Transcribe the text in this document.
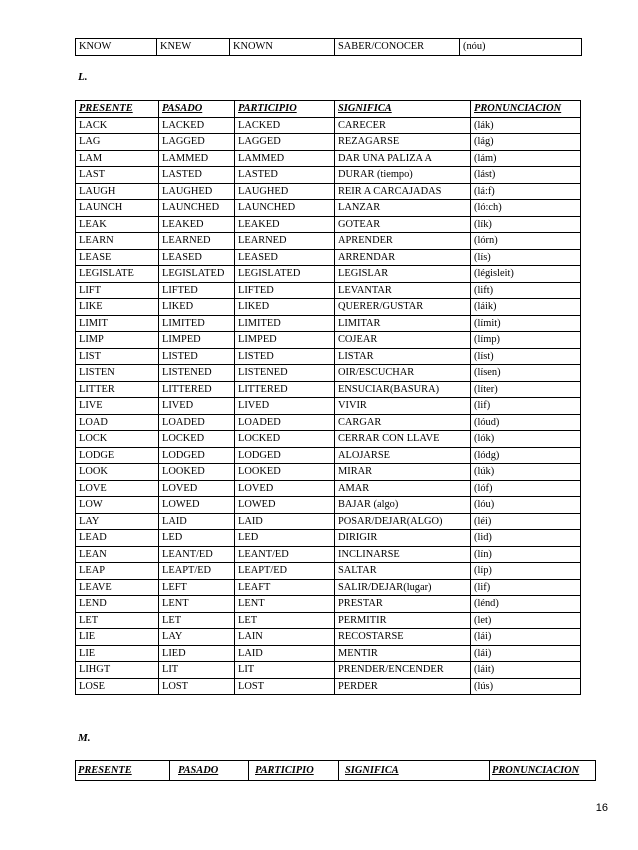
KNOW	KNEW	KNOWN	SABER/CONOCER	(nóu)
L.
PRESENTE	PASADO	PARTICIPIO	SIGNIFICA	PRONUNCIACION
LACK	LACKED	LACKED	CARECER	(lák)
LAG	LAGGED	LAGGED	REZAGARSE	(lág)
LAM	LAMMED	LAMMED	DAR UNA PALIZA A	(lám)
LAST	LASTED	LASTED	DURAR (tiempo)	(lást)
LAUGH	LAUGHED	LAUGHED	REIR A CARCAJADAS	(lá:f)
LAUNCH	LAUNCHED	LAUNCHED	LANZAR	(ló:ch)
LEAK	LEAKED	LEAKED	GOTEAR	(lík)
LEARN	LEARNED	LEARNED	APRENDER	(lórn)
LEASE	LEASED	LEASED	ARRENDAR	(lís)
LEGISLATE	LEGISLATED	LEGISLATED	LEGISLAR	(législeit)
LIFT	LIFTED	LIFTED	LEVANTAR	(lift)
LIKE	LIKED	LIKED	QUERER/GUSTAR	(láik)
LIMIT	LIMITED	LIMITED	LIMITAR	(límit)
LIMP	LIMPED	LIMPED	COJEAR	(límp)
LIST	LISTED	LISTED	LISTAR	(líst)
LISTEN	LISTENED	LISTENED	OIR/ESCUCHAR	(lísen)
LITTER	LITTERED	LITTERED	ENSUCIAR(BASURA)	(líter)
LIVE	LIVED	LIVED	VIVIR	(lif)
LOAD	LOADED	LOADED	CARGAR	(lóud)
LOCK	LOCKED	LOCKED	CERRAR CON LLAVE	(lók)
LODGE	LODGED	LODGED	ALOJARSE	(lódg)
LOOK	LOOKED	LOOKED	MIRAR	(lúk)
LOVE	LOVED	LOVED	AMAR	(lóf)
LOW	LOWED	LOWED	BAJAR (algo)	(lóu)
LAY	LAID	LAID	POSAR/DEJAR(ALGO)	(léi)
LEAD	LED	LED	DIRIGIR	(lid)
LEAN	LEANT/ED	LEANT/ED	INCLINARSE	(lín)
LEAP	LEAPT/ED	LEAPT/ED	SALTAR	(líp)
LEAVE	LEFT	LEAFT	SALIR/DEJAR(lugar)	(lif)
LEND	LENT	LENT	PRESTAR	(lénd)
LET	LET	LET	PERMITIR	(let)
LIE	LAY	LAIN	RECOSTARSE	(lái)
LIE	LIED	LAID	MENTIR	(lái)
LIHGT	LIT	LIT	PRENDER/ENCENDER	(láit)
LOSE	LOST	LOST	PERDER	(lús)
M.
PRESENTE	PASADO	PARTICIPIO	SIGNIFICA	PRONUNCIACION
16
